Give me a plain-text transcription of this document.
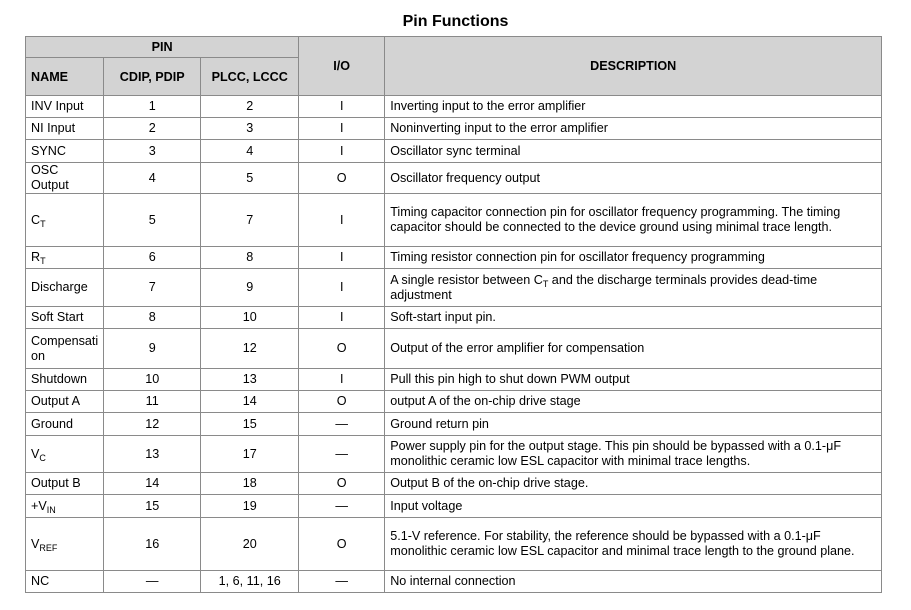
Pin Functions
PIN			I/O	DESCRIPTION
NAME	CDIP, PDIP	PLCC, LCCC		
INV Input	1	2	I	Inverting input to the error amplifier
NI Input	2	3	I	Noninverting input to the error amplifier
SYNC	3	4	I	Oscillator sync terminal
OSC Output	4	5	O	Oscillator frequency output
$C_T$	5	7	I	Timing capacitor connection pin for oscillator frequency programming. The timing capacitor should be connected to the device ground using minimal trace length.
$R_T$	6	8	I	Timing resistor connection pin for oscillator frequency programming
Discharge	7	9	I	A single resistor between $C_T$ and the discharge terminals provides dead-time adjustment
Soft Start	8	10	I	Soft-start input pin.
Compensati on	9	12	O	Output of the error amplifier for compensation
Shutdown	10	13	I	Pull this pin high to shut down PWM output
Output A	11	14	O	output A of the on-chip drive stage
Ground	12	15	—	Ground return pin
$V_C$	13	17	—	Power supply pin for the output stage. This pin should be bypassed with a 0.1-μF monolithic ceramic low ESL capacitor with minimal trace lengths.
Output B	14	18	O	Output B of the on-chip drive stage.
$+V_{IN}$	15	19	—	Input voltage
$V_{REF}$	16	20	O	5.1-V reference. For stability, the reference should be bypassed with a 0.1-μF monolithic ceramic low ESL capacitor and minimal trace length to the ground plane.
NC	—	1, 6, 11, 16	—	No internal connection
